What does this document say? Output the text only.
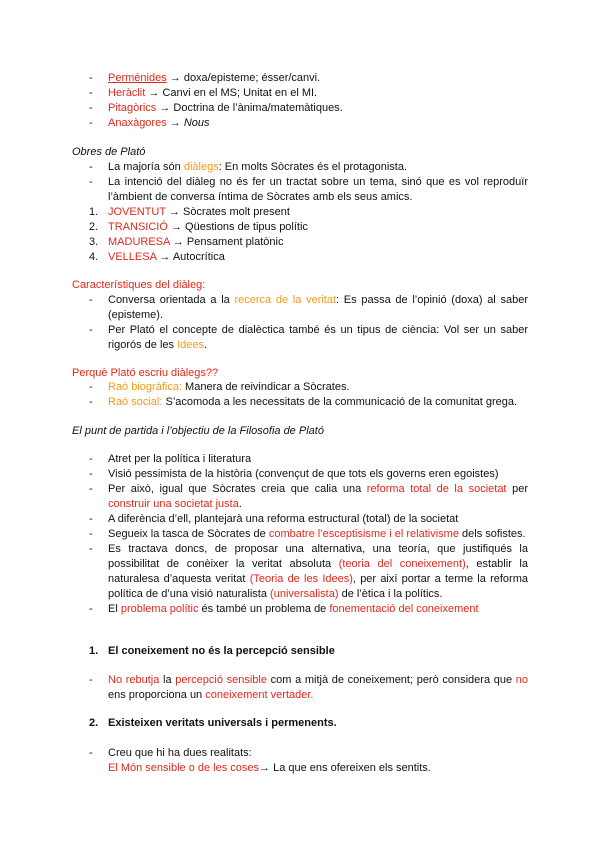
- Perménides → doxa/episteme; ésser/canvi.
- Heràclit → Canvi en el MS; Unitat en el MI.
- Pitagòrics → Doctrina de l’ànima/matemàtiques.
- Anaxàgores → Nous
Obres de Plató
- La majoría són diàlegs: En molts Sòcrates és el protagonista.
- La intenció del diàleg no és fer un tractat sobre un tema, sinó que es vol reproduïr l’àmbient de conversa íntima de Sòcrates amb els seus amics.
1. JOVENTUT → Sòcrates molt present
2. TRANSICIÓ → Qüestions de tipus polític
3. MADURESA → Pensament platònic
4. VELLESA → Autocrítica
Característiques del diàleg:
- Conversa orientada a la recerca de la veritat: Es passa de l’opinió (doxa) al saber (episteme).
- Per Plató el concepte de dialèctica també és un tipus de ciència: Vol ser un saber rigorós de les Idees.
Perquè Plató escriu diàlegs??
- Raó biogràfica: Manera de reivindicar a Sòcrates.
- Raó social: S’acomoda a les necessitats de la communicació de la comunitat grega.
El punt de partida i l’objectiu de la Filosofia de Plató
- Atret per la política i literatura
- Visió pessimista de la història (convençut de que tots els governs eren egoistes)
- Per això, igual que Sòcrates creia que calia una reforma total de la societat per construir una societat justa.
- A diferència d’ell, plantejarà una reforma estructural (total) de la societat
- Segueix la tasca de Sòcrates de combatre l’esceptisisme i el relativisme dels sofistes.
- Es tractava doncs, de proposar una alternativa, una teoría, que justifiqués la possibilitat de conèixer la veritat absoluta (teoria del coneixement), establir la naturalesa d’aquesta veritat (Teoria de les Idees), per així portar a terme la reforma política de d’una visió naturalista (universalista) de l’ètica i la polítics.
- El problema polític és també un problema de fonementació del coneixement
1. El coneixement no és la percepció sensible
- No rebutja la percepció sensible com a mitjà de coneixement; però considera que no ens proporciona un coneixement vertader.
2. Existeixen veritats universals i permenents.
- Creu que hi ha dues realitats:
El Món sensible o de les coses→ La que ens ofereixen els sentits.
